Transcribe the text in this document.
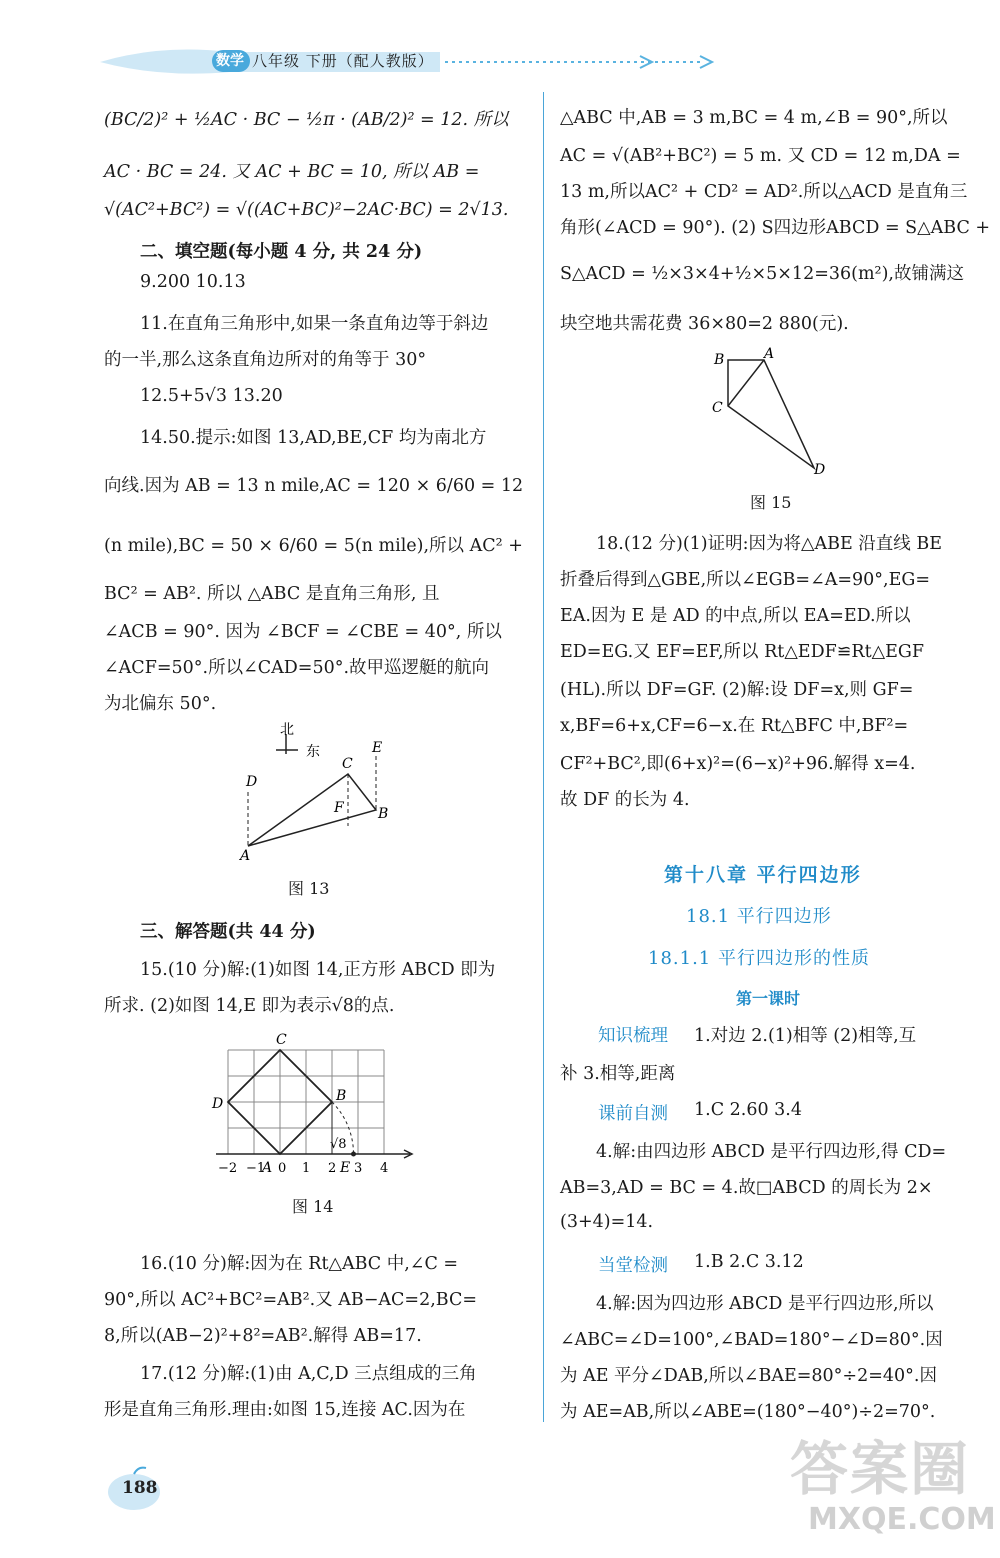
数学 八年级 下册（配人教版）
(BC/2)² + ½AC · BC − ½π · (AB/2)² = 12. 所以
AC · BC = 24. 又 AC + BC = 10, 所以 AB =
√(AC²+BC²) = √((AC+BC)²−2AC·BC) = 2√13.
二、填空题(每小题 4 分, 共 24 分)
9.200 10.13
11.在直角三角形中,如果一条直角边等于斜边
的一半,那么这条直角边所对的角等于 30°
12.5+5√3 13.20
14.50.提示:如图 13,AD,BE,CF 均为南北方
向线.因为 AB = 13 n mile,AC = 120 × 6/60 = 12
(n mile),BC = 50 × 6/60 = 5(n mile),所以 AC² +
BC² = AB². 所以 △ABC 是直角三角形, 且
∠ACB = 90°. 因为 ∠BCF = ∠CBE = 40°, 所以
∠ACF=50°.所以∠CAD=50°.故甲巡逻艇的航向
为北偏东 50°.
三、解答题(共 44 分)
15.(10 分)解:(1)如图 14,正方形 ABCD 即为
所求. (2)如图 14,E 即为表示√8的点.
16.(10 分)解:因为在 Rt△ABC 中,∠C =
90°,所以 AC²+BC²=AB².又 AB−AC=2,BC=
8,所以(AB−2)²+8²=AB².解得 AB=17.
17.(12 分)解:(1)由 A,C,D 三点组成的三角
形是直角三角形.理由:如图 15,连接 AC.因为在
北
东
D
A
C
F
E
B
图 13
C
D	B
√8
A	E
−2 −1 0 1 2 3 4
图 14
△ABC 中,AB = 3 m,BC = 4 m,∠B = 90°,所以
AC = √(AB²+BC²) = 5 m. 又 CD = 12 m,DA =
13 m,所以AC² + CD² = AD².所以△ACD 是直角三
角形(∠ACD = 90°). (2) S四边形ABCD = S△ABC +
S△ACD = ½×3×4+½×5×12=36(m²),故铺满这
块空地共需花费 36×80=2 880(元).
18.(12 分)(1)证明:因为将△ABE 沿直线 BE
折叠后得到△GBE,所以∠EGB=∠A=90°,EG=
EA.因为 E 是 AD 的中点,所以 EA=ED.所以
ED=EG.又 EF=EF,所以 Rt△EDF≌Rt△EGF
(HL).所以 DF=GF. (2)解:设 DF=x,则 GF=
x,BF=6+x,CF=6−x.在 Rt△BFC 中,BF²=
CF²+BC²,即(6+x)²=(6−x)²+96.解得 x=4.
故 DF 的长为 4.
第十八章 平行四边形
18.1 平行四边形
18.1.1 平行四边形的性质
第一课时
知识梳理 1.对边 2.(1)相等 (2)相等,互
补 3.相等,距离
课前自测 1.C 2.60 3.4
4.解:由四边形 ABCD 是平行四边形,得 CD=
AB=3,AD = BC = 4.故□ABCD 的周长为 2×
(3+4)=14.
当堂检测 1.B 2.C 3.12
4.解:因为四边形 ABCD 是平行四边形,所以
∠ABC=∠D=100°,∠BAD=180°−∠D=80°.因
为 AE 平分∠DAB,所以∠BAE=80°÷2=40°.因
为 AE=AB,所以∠ABE=(180°−40°)÷2=70°.
B	A
C
D
图 15
188	答案圈
MXQE.COM
